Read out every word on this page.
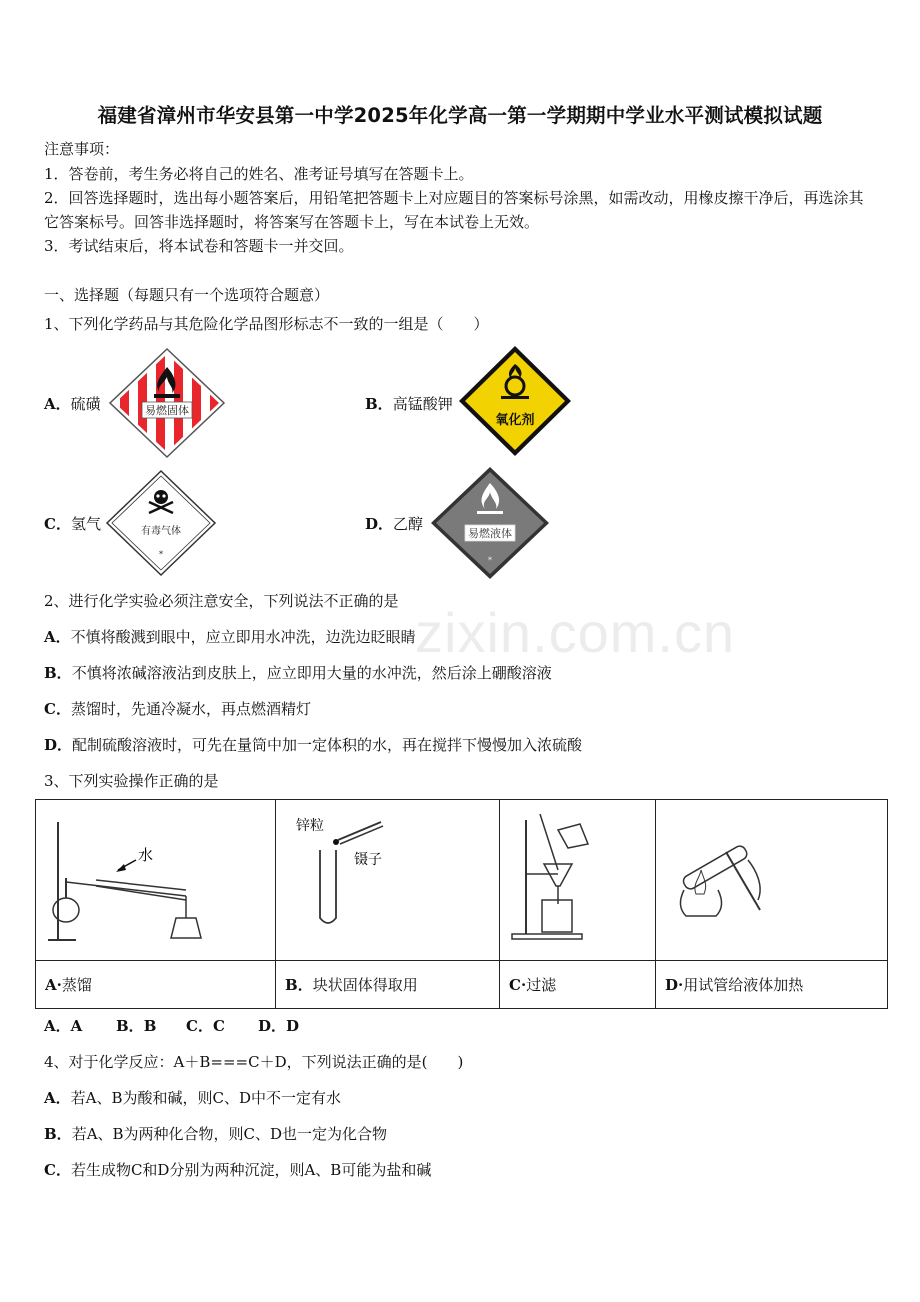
福建省漳州市华安县第一中学2025年化学高一第一学期期中学业水平测试模拟试题
zixin.com.cn
注意事项：
1．答卷前，考生务必将自己的姓名、准考证号填写在答题卡上。
2．回答选择题时，选出每小题答案后，用铅笔把答题卡上对应题目的答案标号涂黑，如需改动，用橡皮擦干净后，再选涂其它答案标号。回答非选择题时，将答案写在答题卡上，写在本试卷上无效。
3．考试结束后，将本试卷和答题卡一并交回。
一、选择题（每题只有一个选项符合题意）
1、下列化学药品与其危险化学品图形标志不一致的一组是（　　）
A．硫磺	易燃固体	B．高锰酸钾
氧化剂
C．氢气	有毒气体
*
D．乙醇
易燃液体
*
2、进行化学实验必须注意安全，下列说法不正确的是
A．不慎将酸溅到眼中，应立即用水冲洗，边洗边眨眼睛
B．不慎将浓碱溶液沾到皮肤上，应立即用大量的水冲洗，然后涂上硼酸溶液
C．蒸馏时，先通冷凝水，再点燃酒精灯
D．配制硫酸溶液时，可先在量筒中加一定体积的水，再在搅拌下慢慢加入浓硫酸
3、下列实验操作正确的是
水	锌粒
镊子

A·蒸馏	B．块状固体得取用	C·过滤	D·用试管给液体加热
A．A B．B C．C D．D
4、对于化学反应：A＋B===C＋D，下列说法正确的是(　　)
A．若A、B为酸和碱，则C、D中不一定有水
B．若A、B为两种化合物，则C、D也一定为化合物
C．若生成物C和D分别为两种沉淀，则A、B可能为盐和碱
